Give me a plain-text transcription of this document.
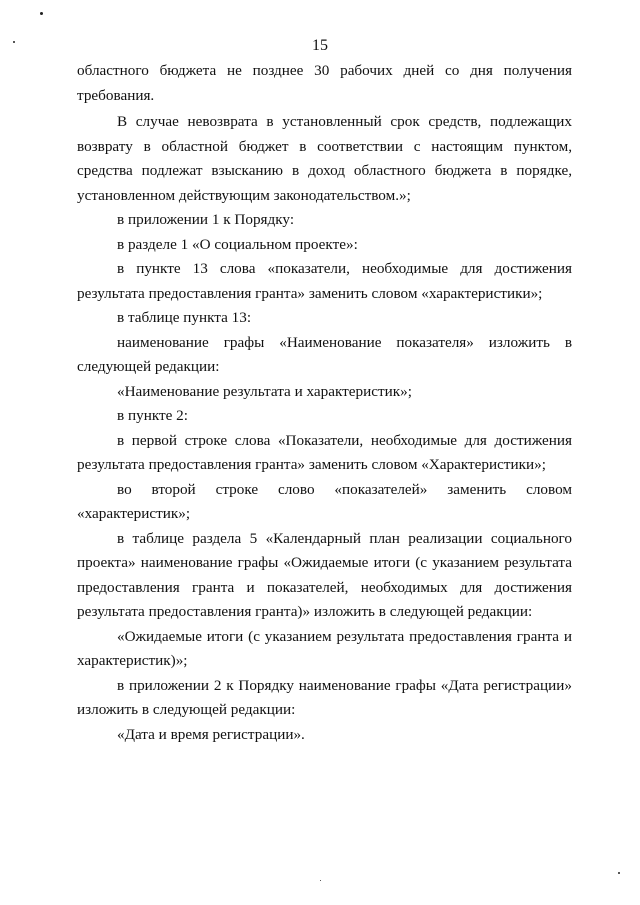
15

областного бюджета не позднее 30 рабочих дней со дня получения требования.

В случае невозврата в установленный срок средств, подлежащих возврату в областной бюджет в соответствии с настоящим пунктом, средства подлежат взысканию в доход областного бюджета в порядке, установленном действующим законодательством.»;

в приложении 1 к Порядку:

в разделе 1 «О социальном проекте»:

в пункте 13 слова «показатели, необходимые для достижения результата предоставления гранта» заменить словом «характеристики»;

в таблице пункта 13:

наименование графы «Наименование показателя» изложить в следующей редакции:

«Наименование результата и характеристик»;

в пункте 2:

в первой строке слова «Показатели, необходимые для достижения результата предоставления гранта» заменить словом «Характеристики»;

во второй строке слово «показателей» заменить словом «характеристик»;

в таблице раздела 5 «Календарный план реализации социального проекта» наименование графы «Ожидаемые итоги (с указанием результата предоставления гранта и показателей, необходимых для достижения результата предоставления гранта)» изложить в следующей редакции:

«Ожидаемые итоги (с указанием результата предоставления гранта и характеристик)»;

в приложении 2 к Порядку наименование графы «Дата регистрации» изложить в следующей редакции:

«Дата и время регистрации».
